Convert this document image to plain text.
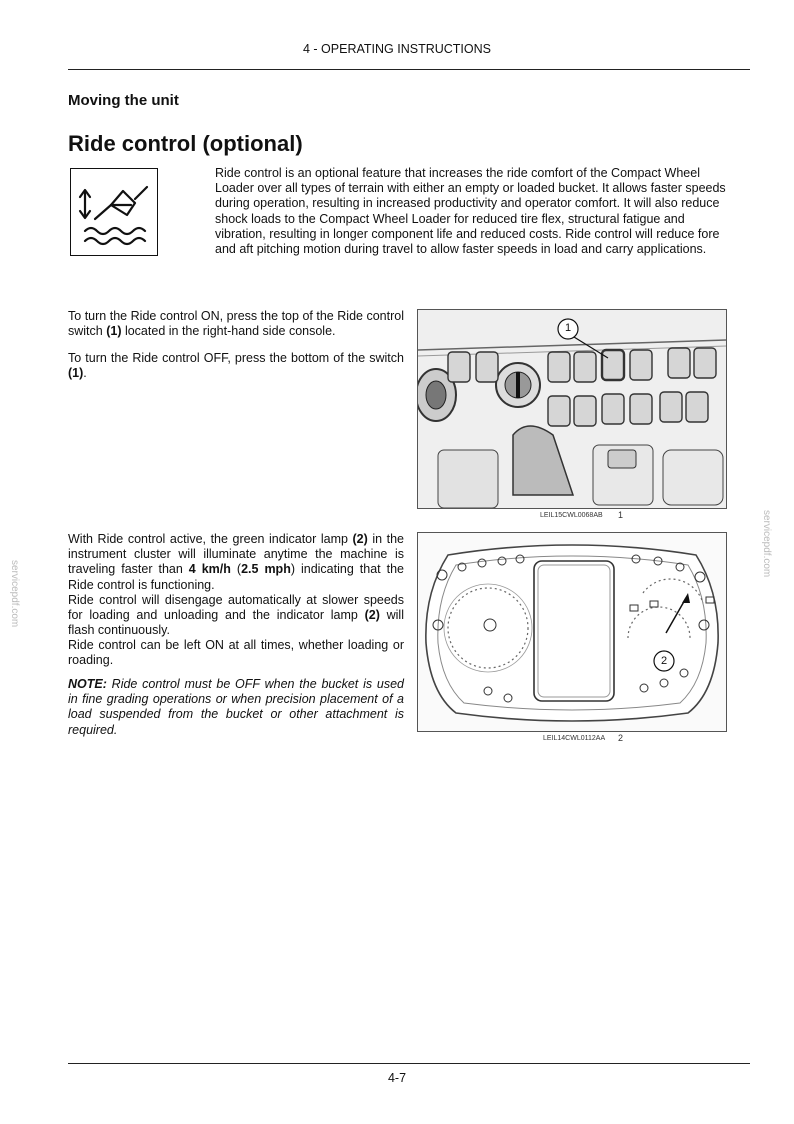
4 - OPERATING INSTRUCTIONS
Moving the unit
Ride control (optional)
Ride control is an optional feature that increases the ride comfort of the Compact Wheel Loader over all types of terrain with either an empty or loaded bucket. It allows faster speeds during operation, resulting in increased productivity and operator comfort. It will also reduce shock loads to the Compact Wheel Loader for reduced tire flex, structural fatigue and vibration, resulting in longer component life and reduced costs. Ride control will reduce fore and aft pitching motion during travel to allow faster speeds in load and carry applications.
To turn the Ride control ON, press the top of the Ride control switch (1) located in the right-hand side console.
To turn the Ride control OFF, press the bottom of the switch (1).
1
LEIL15CWL0068AB 1
With Ride control active, the green indicator lamp (2) in the instrument cluster will illuminate anytime the machine is traveling faster than 4 km/h (2.5 mph) indicating that the Ride control is functioning.
Ride control will disengage automatically at slower speeds for loading and unloading and the indicator lamp (2) will flash continuously.
Ride control can be left ON at all times, whether loading or roading.
NOTE: Ride control must be OFF when the bucket is used in fine grading operations or when precision placement of a load suspended from the bucket or other attachment is required.
2
LEIL14CWL0112AA 2
servicepdf.com
servicepdf.com
4-7
